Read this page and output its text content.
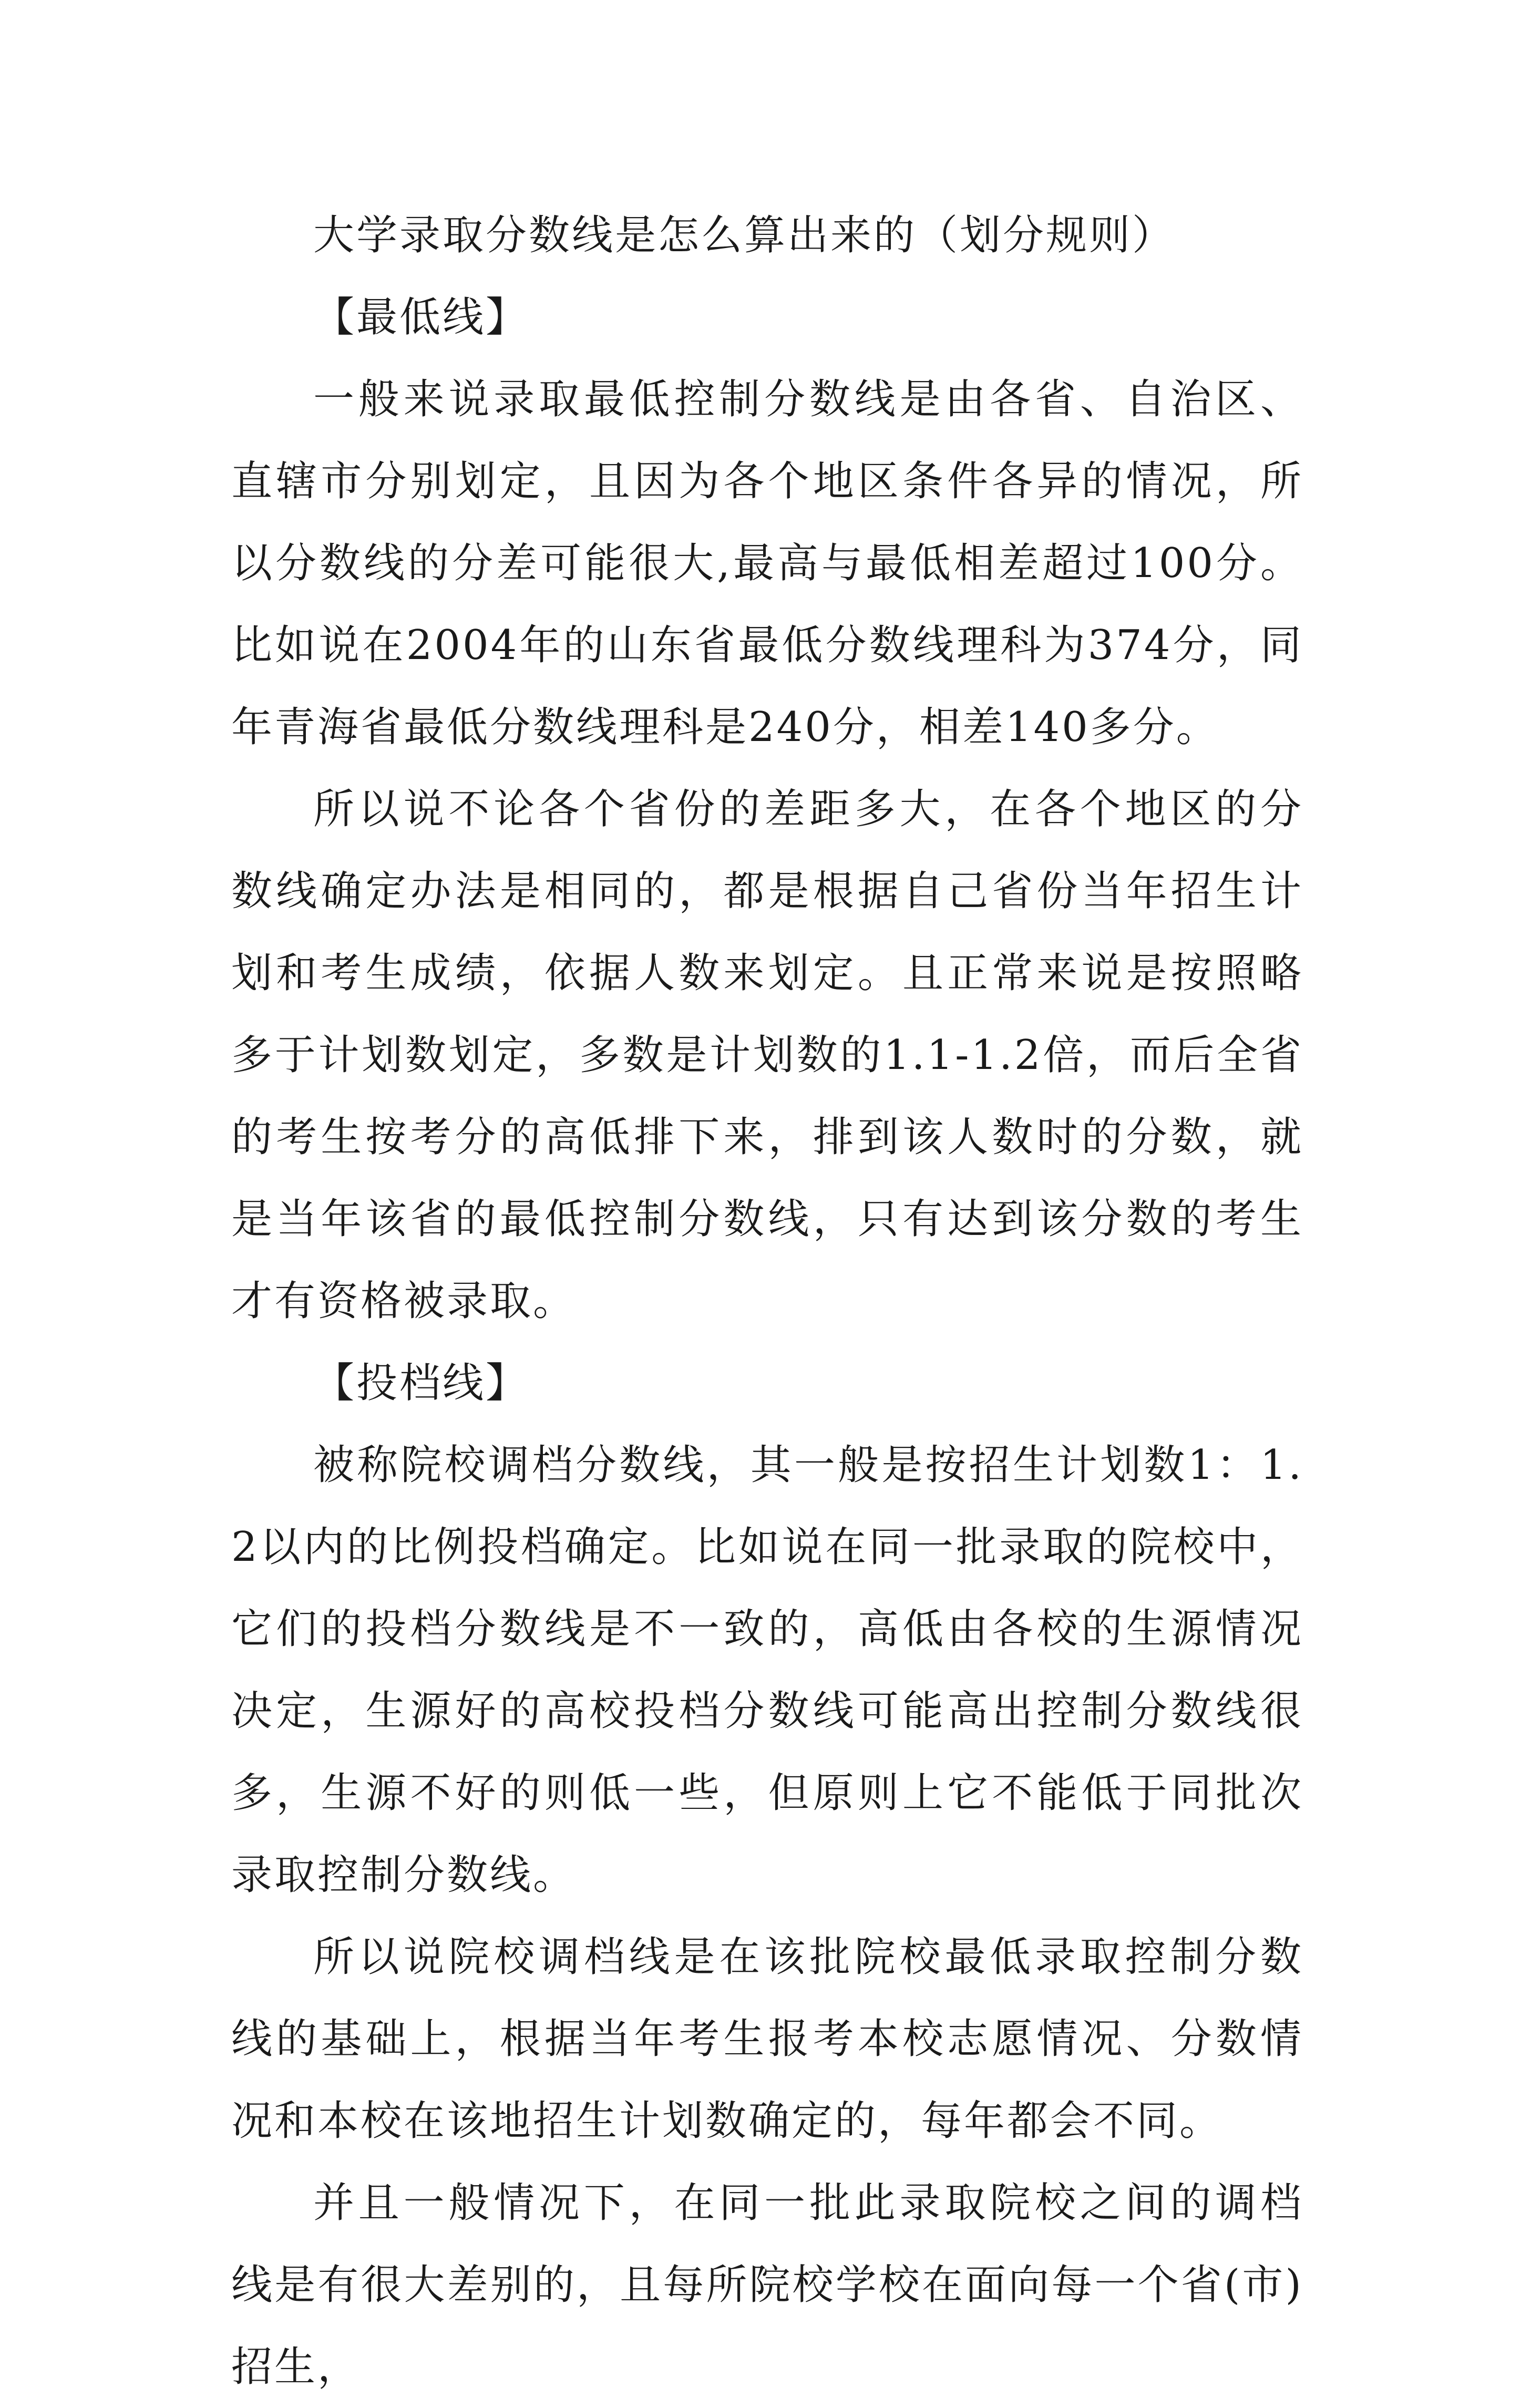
大学录取分数线是怎么算出来的（划分规则）

【最低线】

一般来说录取最低控制分数线是由各省、自治区、直辖市分别划定，且因为各个地区条件各异的情况，所以分数线的分差可能很大,最高与最低相差超过100分。比如说在2004年的山东省最低分数线理科为374分，同年青海省最低分数线理科是240分，相差140多分。

所以说不论各个省份的差距多大，在各个地区的分数线确定办法是相同的，都是根据自己省份当年招生计划和考生成绩，依据人数来划定。且正常来说是按照略多于计划数划定，多数是计划数的1.1-1.2倍，而后全省的考生按考分的高低排下来，排到该人数时的分数，就是当年该省的最低控制分数线，只有达到该分数的考生才有资格被录取。

【投档线】

被称院校调档分数线，其一般是按招生计划数1：1.2以内的比例投档确定。比如说在同一批录取的院校中，它们的投档分数线是不一致的，高低由各校的生源情况决定，生源好的高校投档分数线可能高出控制分数线很多，生源不好的则低一些，但原则上它不能低于同批次录取控制分数线。

所以说院校调档线是在该批院校最低录取控制分数线的基础上，根据当年考生报考本校志愿情况、分数情况和本校在该地招生计划数确定的，每年都会不同。

并且一般情况下，在同一批此录取院校之间的调档线是有很大差别的，且每所院校学校在面向每一个省(市)招生，
